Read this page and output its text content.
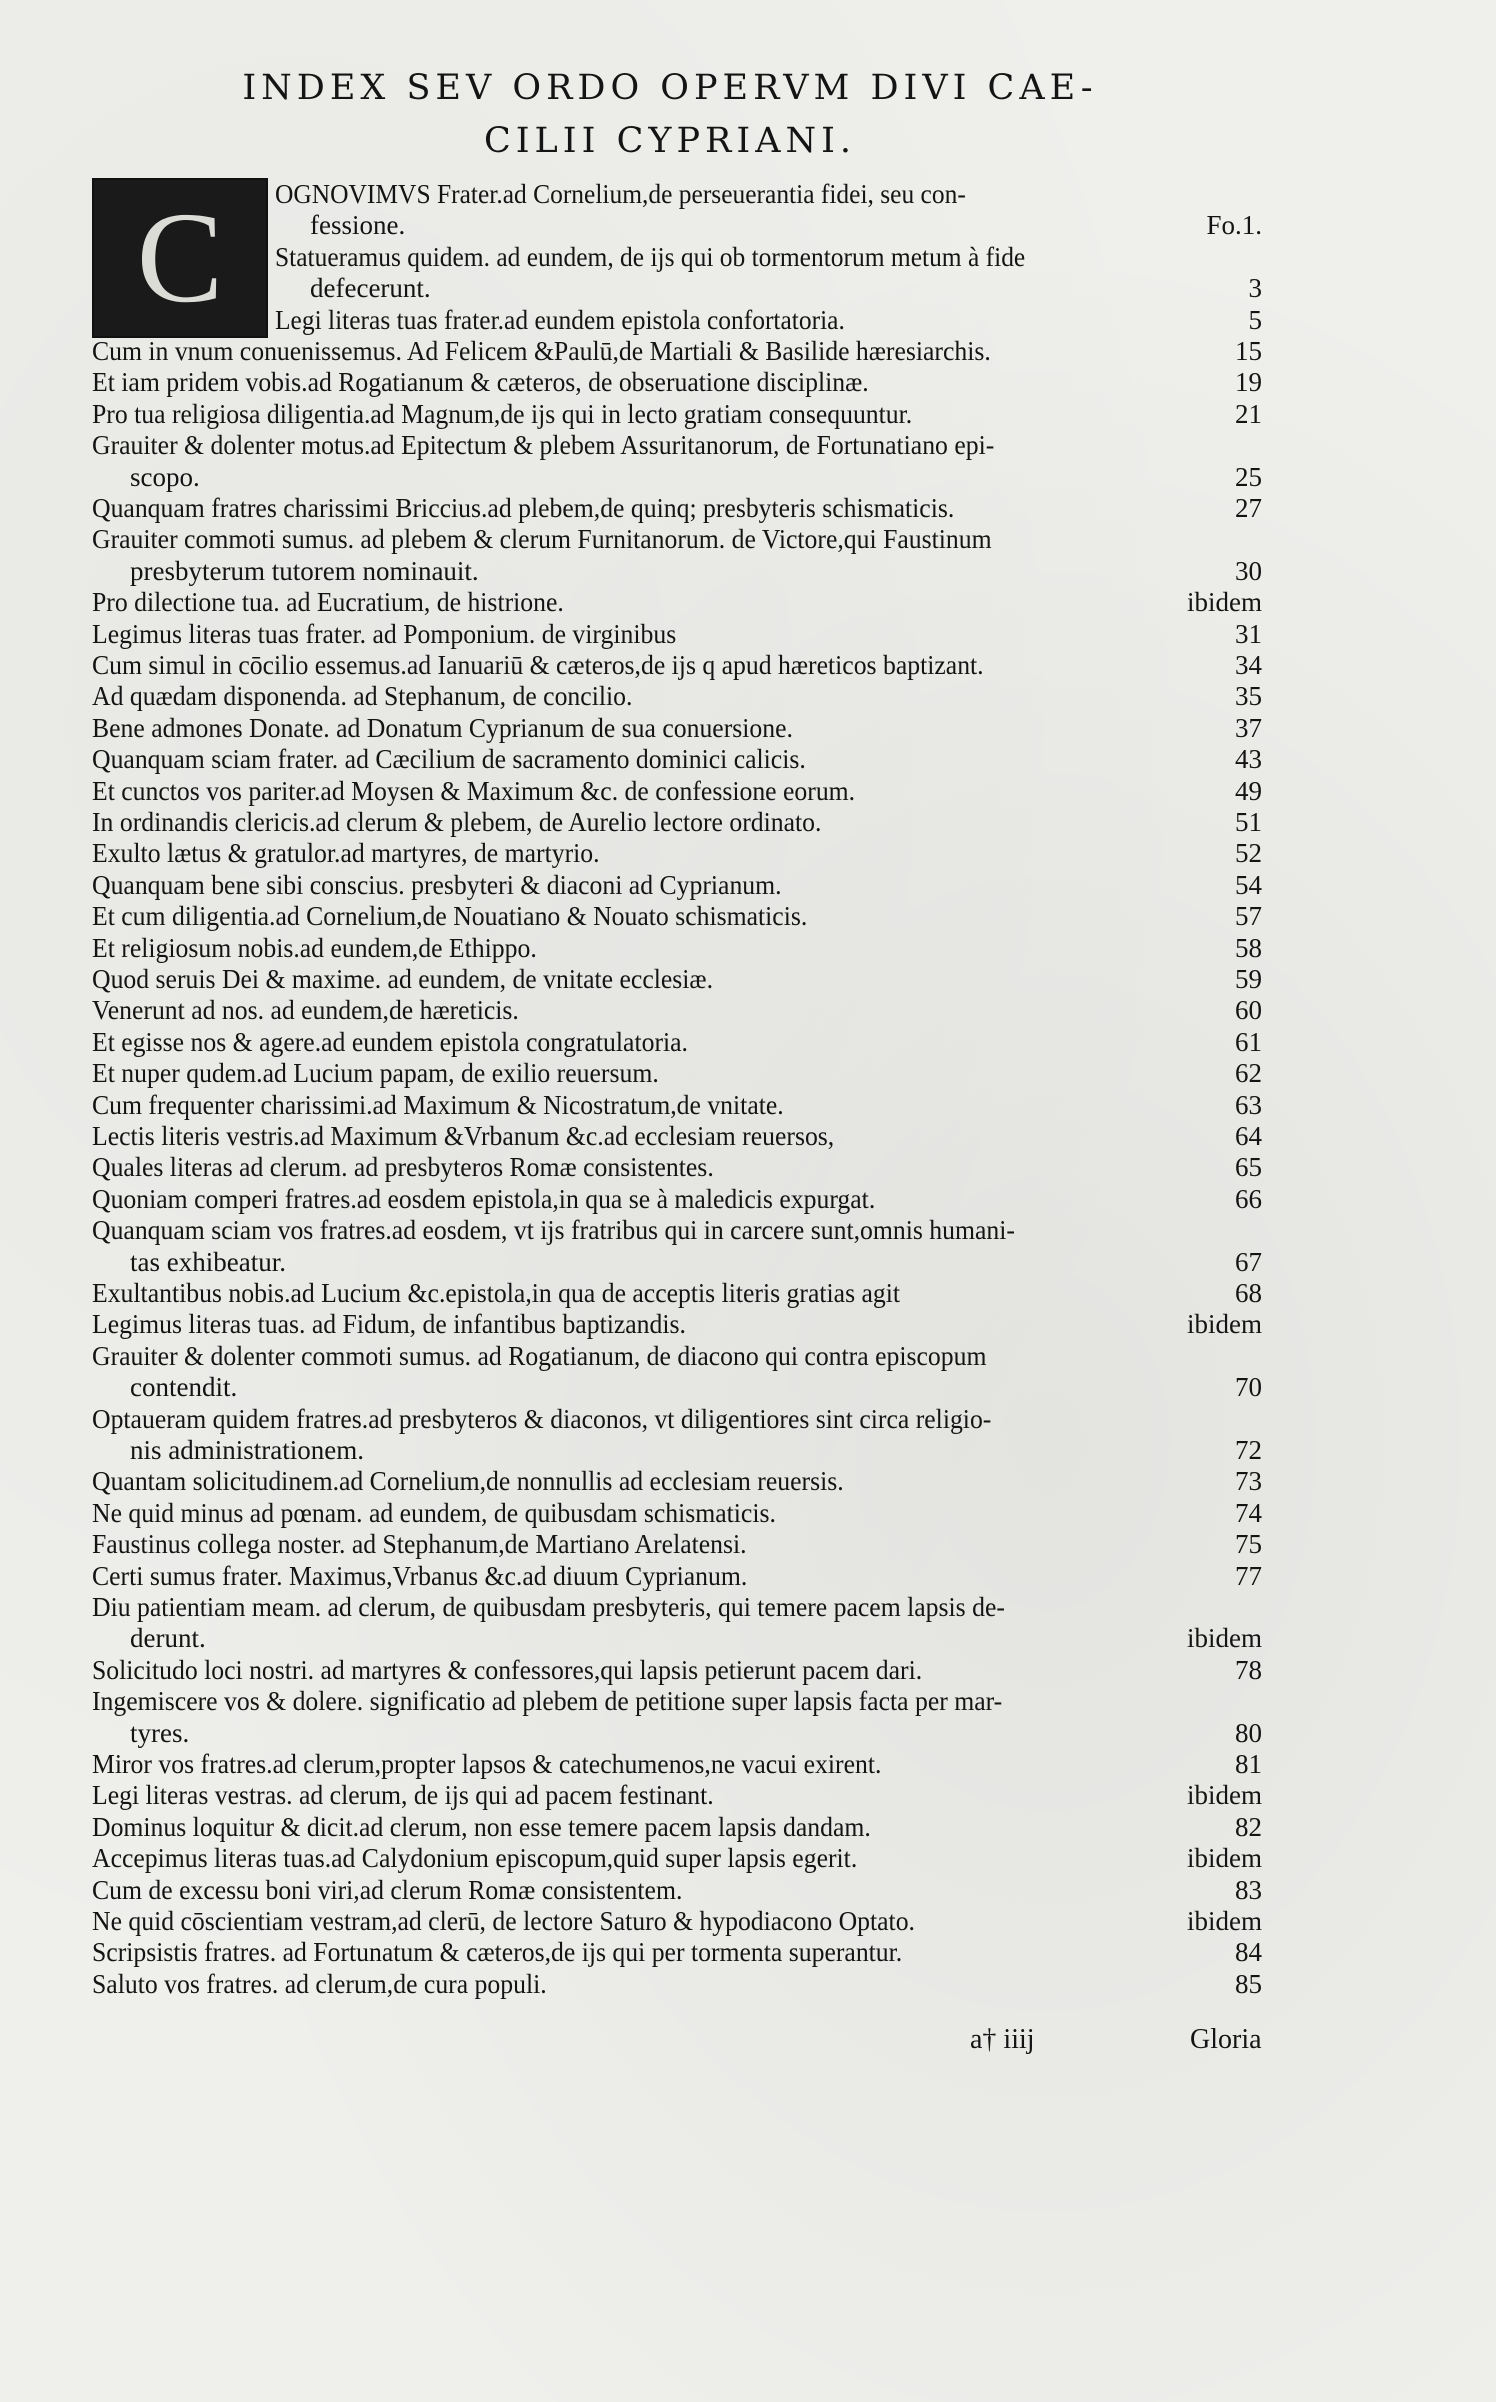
INDEX SEV ORDO OPERVM DIVI CAE-
CILII CYPRIANI.
C	OGNOVIMVS Frater.ad Cornelium,de perseuerantia fidei, seu con-
fessione.	Fo.1.
Statueramus quidem. ad eundem, de ijs qui ob tormentorum metum à fide
defecerunt.	3
Legi literas tuas frater.ad eundem epistola confortatoria.	5
Cum in vnum conuenissemus. Ad Felicem &Paulū,de Martiali & Basilide hæresiarchis.	15
Et iam pridem vobis.ad Rogatianum & cæteros, de obseruatione disciplinæ.	19
Pro tua religiosa diligentia.ad Magnum,de ijs qui in lecto gratiam consequuntur.	21
Grauiter & dolenter motus.ad Epitectum & plebem Assuritanorum, de Fortunatiano epi-
scopo.	25
Quanquam fratres charissimi Briccius.ad plebem,de quinq; presbyteris schismaticis.	27
Grauiter commoti sumus. ad plebem & clerum Furnitanorum. de Victore,qui Faustinum
presbyterum tutorem nominauit.	30
Pro dilectione tua. ad Eucratium, de histrione.	ibidem
Legimus literas tuas frater. ad Pomponium. de virginibus	31
Cum simul in cōcilio essemus.ad Ianuariū & cæteros,de ijs q apud hæreticos baptizant.	34
Ad quædam disponenda. ad Stephanum, de concilio.	35
Bene admones Donate. ad Donatum Cyprianum de sua conuersione.	37
Quanquam sciam frater. ad Cæcilium de sacramento dominici calicis.	43
Et cunctos vos pariter.ad Moysen & Maximum &c. de confessione eorum.	49
In ordinandis clericis.ad clerum & plebem, de Aurelio lectore ordinato.	51
Exulto lætus & gratulor.ad martyres, de martyrio.	52
Quanquam bene sibi conscius. presbyteri & diaconi ad Cyprianum.	54
Et cum diligentia.ad Cornelium,de Nouatiano & Nouato schismaticis.	57
Et religiosum nobis.ad eundem,de Ethippo.	58
Quod seruis Dei & maxime. ad eundem, de vnitate ecclesiæ.	59
Venerunt ad nos. ad eundem,de hæreticis.	60
Et egisse nos & agere.ad eundem epistola congratulatoria.	61
Et nuper qudem.ad Lucium papam, de exilio reuersum.	62
Cum frequenter charissimi.ad Maximum & Nicostratum,de vnitate.	63
Lectis literis vestris.ad Maximum &Vrbanum &c.ad ecclesiam reuersos,	64
Quales literas ad clerum. ad presbyteros Romæ consistentes.	65
Quoniam comperi fratres.ad eosdem epistola,in qua se à maledicis expurgat.	66
Quanquam sciam vos fratres.ad eosdem, vt ijs fratribus qui in carcere sunt,omnis humani-
tas exhibeatur.	67
Exultantibus nobis.ad Lucium &c.epistola,in qua de acceptis literis gratias agit	68
Legimus literas tuas. ad Fidum, de infantibus baptizandis.	ibidem
Grauiter & dolenter commoti sumus. ad Rogatianum, de diacono qui contra episcopum
contendit.	70
Optaueram quidem fratres.ad presbyteros & diaconos, vt diligentiores sint circa religio-
nis administrationem.	72
Quantam solicitudinem.ad Cornelium,de nonnullis ad ecclesiam reuersis.	73
Ne quid minus ad pœnam. ad eundem, de quibusdam schismaticis.	74
Faustinus collega noster. ad Stephanum,de Martiano Arelatensi.	75
Certi sumus frater. Maximus,Vrbanus &c.ad diuum Cyprianum.	77
Diu patientiam meam. ad clerum, de quibusdam presbyteris, qui temere pacem lapsis de-
derunt.	ibidem
Solicitudo loci nostri. ad martyres & confessores,qui lapsis petierunt pacem dari.	78
Ingemiscere vos & dolere. significatio ad plebem de petitione super lapsis facta per mar-
tyres.	80
Miror vos fratres.ad clerum,propter lapsos & catechumenos,ne vacui exirent.	81
Legi literas vestras. ad clerum, de ijs qui ad pacem festinant.	ibidem
Dominus loquitur & dicit.ad clerum, non esse temere pacem lapsis dandam.	82
Accepimus literas tuas.ad Calydonium episcopum,quid super lapsis egerit.	ibidem
Cum de excessu boni viri,ad clerum Romæ consistentem.	83
Ne quid cōscientiam vestram,ad clerū, de lectore Saturo & hypodiacono Optato.	ibidem
Scripsistis fratres. ad Fortunatum & cæteros,de ijs qui per tormenta superantur.	84
Saluto vos fratres. ad clerum,de cura populi.	85
a† iiij	Gloria
